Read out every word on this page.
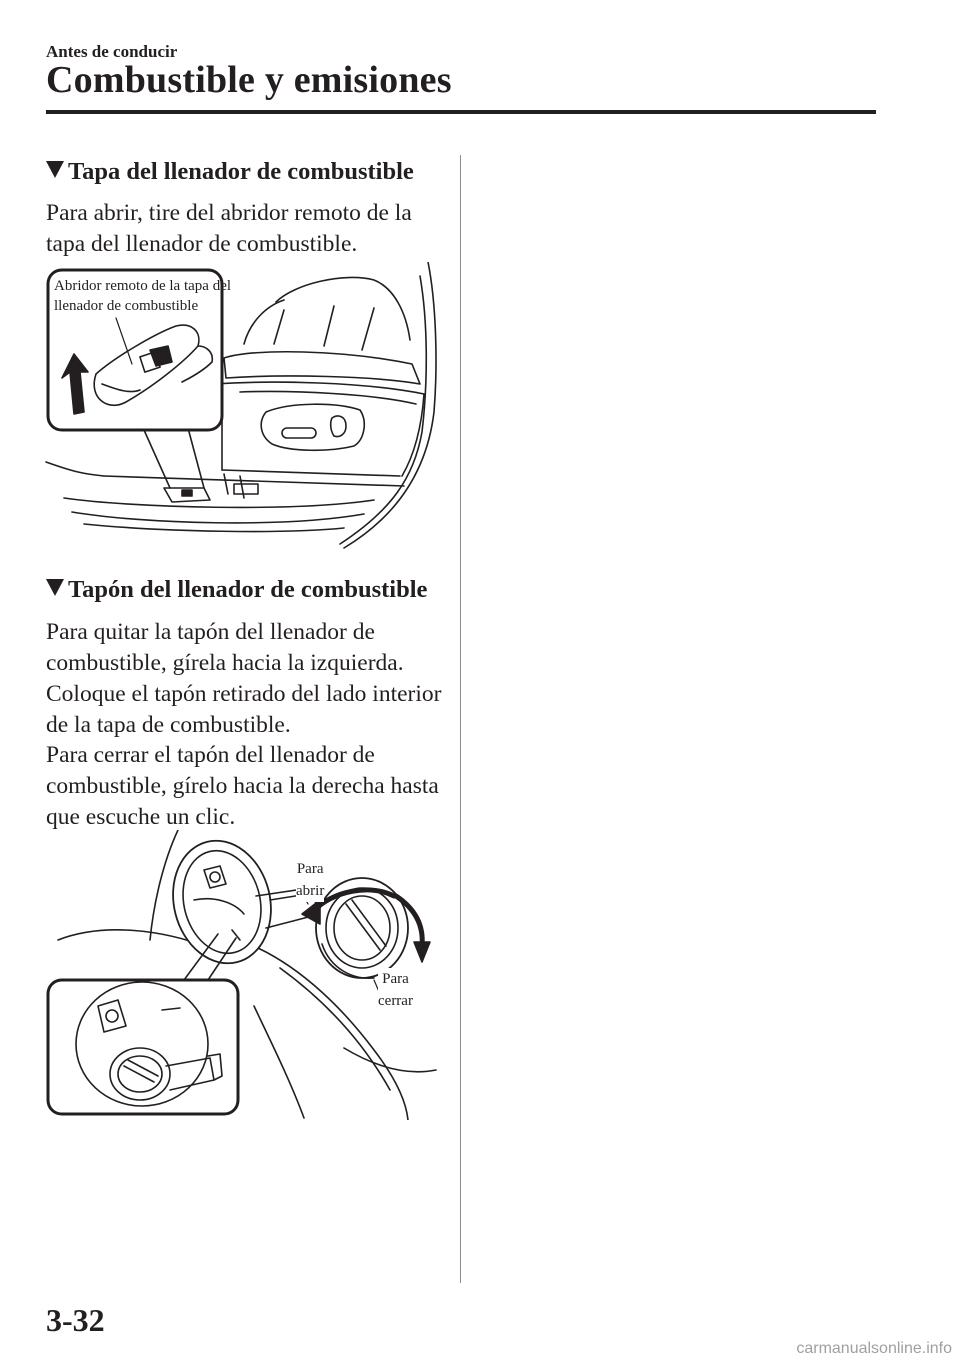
Antes de conducir
Combustible y emisiones
Tapa del llenador de combustible

Para abrir, tire del abridor remoto de la
tapa del llenador de combustible.

Abridor remoto de la tapa del
llenador de combustible
Tapón del llenador de combustible

Para quitar la tapón del llenador de
combustible, gírela hacia la izquierda.
Coloque el tapón retirado del lado interior
de la tapa de combustible.

Para cerrar el tapón del llenador de
combustible, gírelo hacia la derecha hasta
que escuche un clic.

Para
abrir
Para
cerrar
3-32
carmanualsonline.info
